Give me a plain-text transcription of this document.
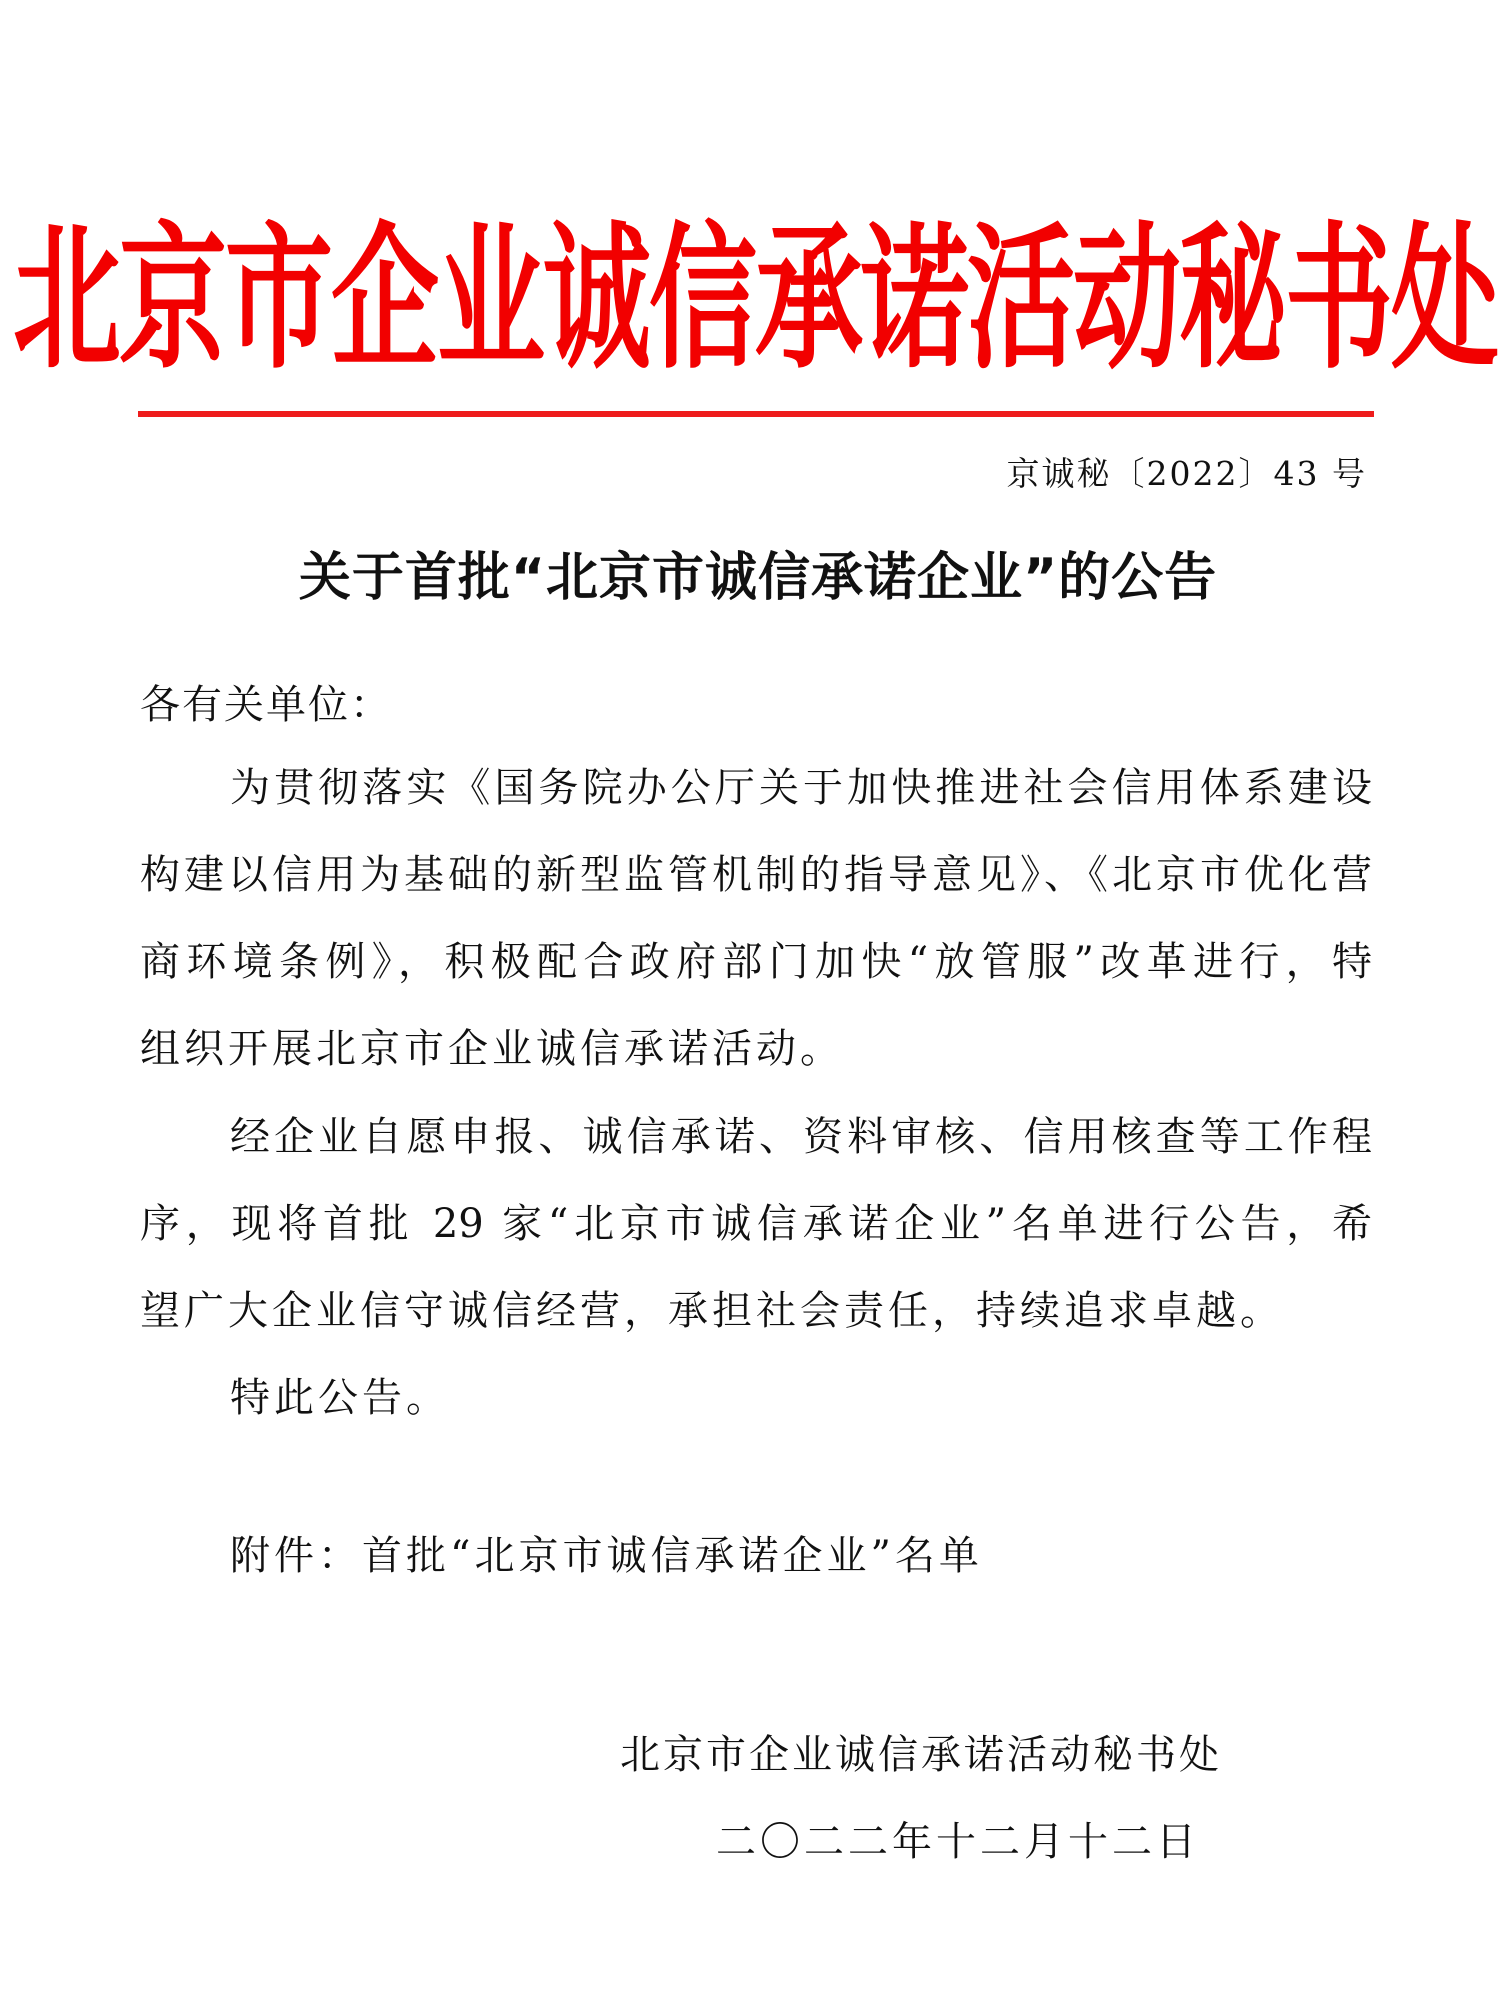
北京市企业诚信承诺活动秘书处
京诚秘〔2022〕43 号
关于首批“北京市诚信承诺企业”的公告
各有关单位：
为贯彻落实《国务院办公厅关于加快推进社会信用体系建设
构建以信用为基础的新型监管机制的指导意见》、《北京市优化营
商环境条例》，积极配合政府部门加快“放管服”改革进行，特
组织开展北京市企业诚信承诺活动。
经企业自愿申报、诚信承诺、资料审核、信用核查等工作程
序，现将首批 29 家“北京市诚信承诺企业”名单进行公告，希
望广大企业信守诚信经营，承担社会责任，持续追求卓越。
特此公告。
附件：首批“北京市诚信承诺企业”名单
北京市企业诚信承诺活动秘书处
二〇二二年十二月十二日
